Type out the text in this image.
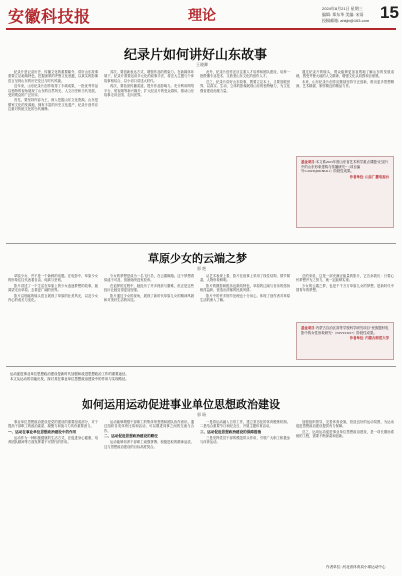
安徽科技报	理论	2024年8月21日 星期三
编辑: 郑东华 美编: 宋雨
投稿邮箱: ahkjb@163.com 15
纪录片如何讲好山东故事
王晓卿

纪录片是记录历史、传播文化的重要媒介，讲好山东故事需要立足地域特色，挖掘深厚的齐鲁文化底蕴，以真实的影像语言呈现山东的历史变迁与时代风貌。

近年来，山东纪录片创作取得了丰硕成果，一批优秀作品以独特的视角展现了山东的自然风光、人文历史和当代发展，受到观众的广泛好评。

首先，要坚持内容为王，深入挖掘山东文化资源。山东是儒家文化的发源地，拥有丰富的历史文化遗产，纪录片创作应注重对传统文化的当代阐释。

其次，要创新表达方式，增强作品的感染力。在新媒体环境下，纪录片需要运用多元化的叙事手法，将宏大主题与个体故事相结合，以小切口讲述大时代。

再次，要拓宽传播渠道，提升作品影响力。充分利用网络平台、短视频等新兴媒介，扩大纪录片的受众群体，推动山东故事走向全国、走向世界。

此外，纪录片创作还应注重人才培养和团队建设，培养一批既懂专业技术、又熟悉山东文化的创作人才。

总之，纪录片讲好山东故事，既要立足本土，又要放眼世界，以真实、生动、立体的影像展现山东的独特魅力，为文化强省建设贡献力量。

通过纪录片的镜头，观众能够更加直观地了解山东的发展成就，感受齐鲁大地的人文精神，增强文化认同感和自豪感。

未来，山东纪录片创作应继续坚持守正创新，推出更多思想精深、艺术精湛、制作精良的精品力作。

基金项目:本文系2023年度山东省艺术科学重点课题“纪录片中的山东形象建构与传播研究”（项目编号:L2023Q06180411）阶段性成果。
作者单位: 山东广播电视台
草原少女的云端之梦
郭 艳

草原少女，并不是一个新鲜的话题。在电影中，草原少女的形象往往代表着自由、纯真与坚韧。

影片讲述了一个生活在草原上的少女追逐梦想的故事，她渴望走出草原，去看更广阔的世界。

影片以细腻的镜头语言展现了草原的壮美风光，以及少女内心的成长与变化。

少女的梦想是成为一名飞行员，在云端翱翔。这个梦想看似遥不可及，但她始终没有放弃。

在追梦的过程中，她经历了许多挫折与磨难，但正是这些经历让她变得更加坚强。

影片通过少女的视角，展现了新时代草原儿女的精神风貌和对美好生活的向往。

从艺术表现上看，影片在叙事上采用了线性结构，情节紧凑，人物形象鲜明。

影片的摄影和配乐也颇具特色，草原的辽阔与音乐的悠扬相得益彰，营造出浓郁的民族风情。

影片中的许多细节处理也十分用心，体现了创作者对草原生活的深入了解。

总的来说，这是一部充满正能量的影片，它告诉我们：只要心怀梦想并为之努力，就一定能够实现。

少女的云端之梦，也是千千万万草原儿女的梦想，是新时代中国青年的梦想。

基金项目:内蒙古自治区高等学校科学研究项目“民族题材电影中的女性形象研究”（NJSY23017）阶段性成果。
作者单位: 内蒙古师范大学
运动促进事业单位思想政治建设是新时代加强和改进思想政治工作的重要途径。本文从运动的功能出发，探讨其在事业单位思想政治建设中的作用与实现路径。
如何运用运动促进事业单位思想政治建设
郭 旸

事业单位思想政治建设是党的建设的重要组成部分，对于提高干部职工的政治素质、凝聚力和战斗力具有重要意义。

一、运动在事业单位思想政治建设中的作用

运动作为一种积极健康的生活方式，在促进身心健康、培养团队精神等方面发挥着不可替代的作用。

运动能够增强干部职工的集体荣誉感和团队协作意识。通过组织各类体育比赛和活动，可以增进同事之间的交流与合作。

二、运动促进思想政治建设的路径

运动能够培养干部职工顽强拼搏、积极进取的精神品质，这与思想政治建设的目标高度契合。

一是将运动融入日常工作，建立常态化的体育锻炼机制。二是结合重要节日和纪念日，开展主题体育活动。

三、运动促进思想政治建设的保障措施

三是发挥党员干部的模范带头作用，引领广大职工积极参与体育运动。

加强组织领导，完善体育设施，营造良好的运动氛围，为运动促进思想政治建设提供有力保障。

总之，运用运动促进事业单位思想政治建设，是一项长期而系统的工程，需要不断探索和创新。

作者单位: 河北省体育局小球运动中心
